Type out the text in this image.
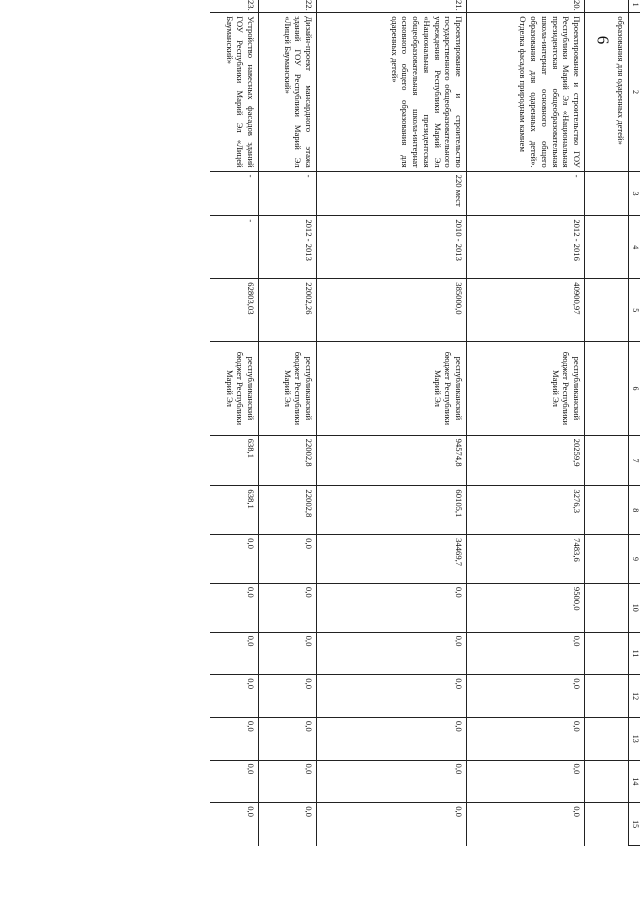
6
1	2	3	4	5	6	7	8	9	10	11	12	13	14	15
	образования для одаренных детей»													
20.	Проектирование и строительство ГОУ Республики Марий Эл «Национальная президентская общеобразовательная школа-интернат основного общего образования для одаренных детей». Отделка фасадов природным камнем	-	2012 - 2016	40900,97	республиканский бюджет Республики Марий Эл	20259,9	3276,3	7483,6	9500,0	0,0	0,0	0,0	0,0	0,0
21.	Проектирование и строительство государственного общеобразовательного учреждения Республики Марий Эл «Национальная президентская общеобразовательная школа-интернат основного общего образования для одаренных детей»	220 мест	2010 - 2013	385000,0	республиканский бюджет Республики Марий Эл	94574,8	60105,1	34469,7	0,0	0,0	0,0	0,0	0,0	0,0
22.	Дизайн-проект мансардного этажа зданий ГОУ Республики Марий Эл «Лицей Бауманский»	-	2012 - 2013	22002,26	республиканский бюджет Республики Марий Эл	22002,8	22002,8	0,0	0,0	0,0	0,0	0,0	0,0	0,0
23.	Устройство навесных фасадов зданий ГОУ Республики Марий Эл «Лицей Бауманский»	-	-	62803,03	республиканский бюджет Республики Марий Эл	638,1	638,1	0,0	0,0	0,0	0,0	0,0	0,0	0,0
